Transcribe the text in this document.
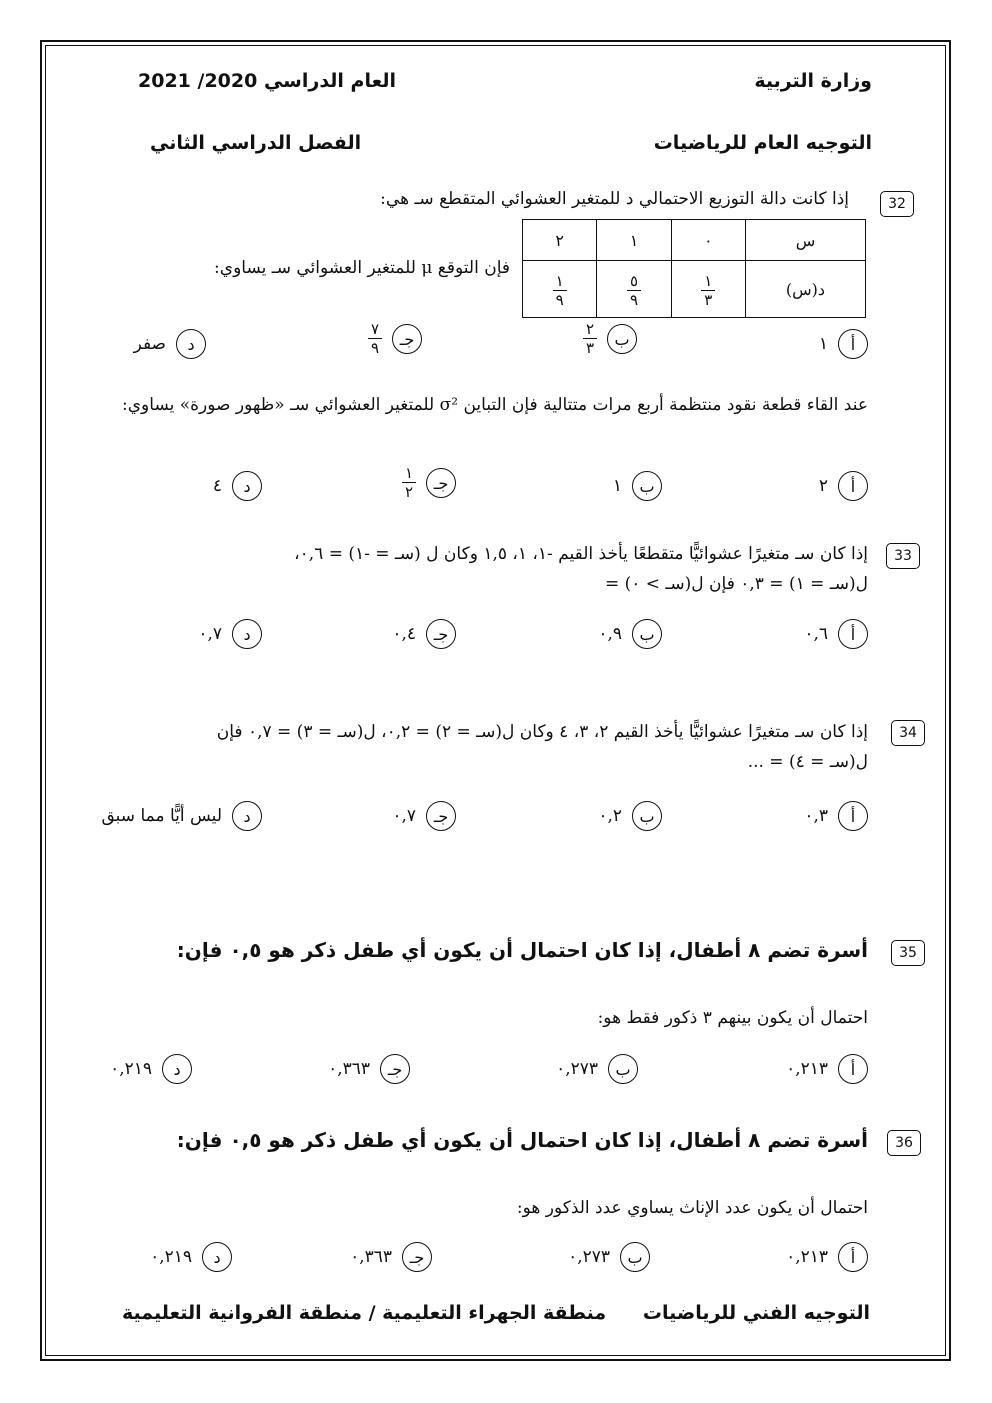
وزارة التربية
العام الدراسي 2020/ 2021
التوجيه العام للرياضيات
الفصل الدراسي الثاني
32
إذا كانت دالة التوزيع الاحتمالي د للمتغير العشوائي المتقطع سـ هي:
س	٠	١	٢
د(س)	$\frac{١}{٣}$	$\frac{٥}{٩}$	$\frac{١}{٩}$
فإن التوقع μ للمتغير العشوائي سـ يساوي:
أ
١
ب
$\frac{٢}{٣}$
جـ
$\frac{٧}{٩}$
د
صفر
عند القاء قطعة نقود منتظمة أربع مرات متتالية فإن التباين σ² للمتغير العشوائي سـ «ظهور صورة» يساوي:
أ
٢
ب
١
جـ
$\frac{١}{٢}$
د
٤
33
إذا كان سـ متغيرًا عشوائيًّا متقطعًا يأخذ القيم -١، ١، ١,٥ وكان ل (سـ = -١) = ٠,٦،
ل(سـ = ١) = ٠,٣ فإن ل(سـ > ٠) =
أ
٠,٦
ب
٠,٩
جـ
٠,٤
د
٠,٧
34
إذا كان سـ متغيرًا عشوائيًّا يأخذ القيم ٢، ٣، ٤ وكان ل(سـ = ٢) = ٠,٢، ل(سـ = ٣) = ٠,٧ فإن
ل(سـ = ٤) = ...
أ
٠,٣
ب
٠,٢
جـ
٠,٧
د
ليس أيًّا مما سبق
35
أسرة تضم ٨ أطفال، إذا كان احتمال أن يكون أي طفل ذكر هو ٠,٥ فإن:
احتمال أن يكون بينهم ٣ ذكور فقط هو:
أ
٠,٢١٣
ب
٠,٢٧٣
جـ
٠,٣٦٣
د
٠,٢١٩
36
أسرة تضم ٨ أطفال، إذا كان احتمال أن يكون أي طفل ذكر هو ٠,٥ فإن:
احتمال أن يكون عدد الإناث يساوي عدد الذكور هو:
أ
٠,٢١٣
ب
٠,٢٧٣
جـ
٠,٣٦٣
د
٠,٢١٩
التوجيه الفني للرياضيات
منطقة الجهراء التعليمية / منطقة الفروانية التعليمية
